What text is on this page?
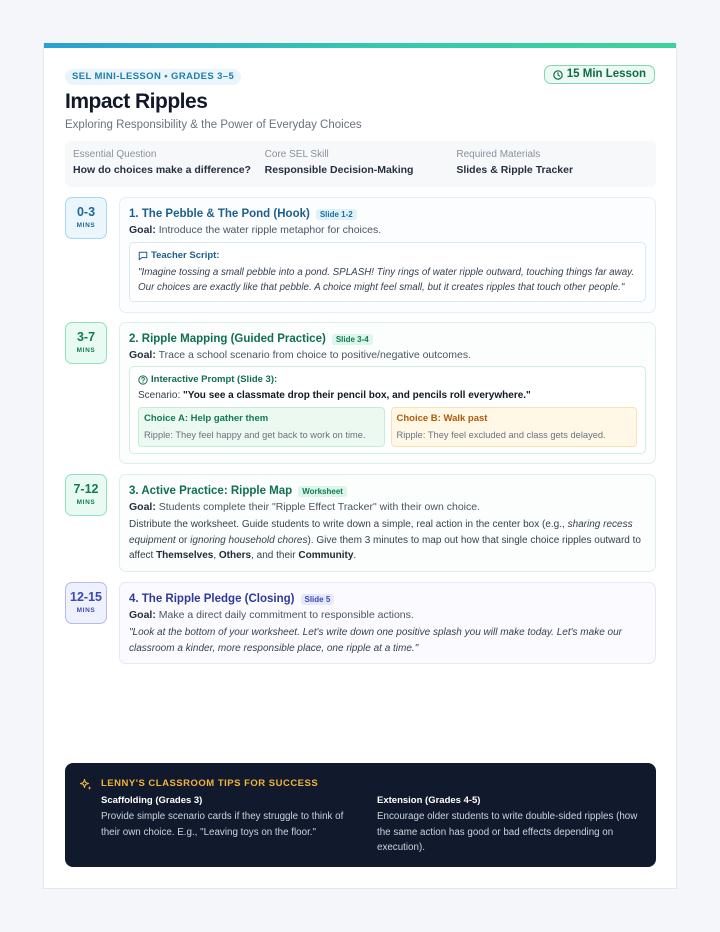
SEL MINI-LESSON • GRADES 3–5	15 Min Lesson
Impact Ripples
Exploring Responsibility & the Power of Everyday Choices
Essential Question
How do choices make a difference?
Core SEL Skill
Responsible Decision-Making
Required Materials
Slides & Ripple Tracker
0-3
MINS
1. The Pebble & The Pond (Hook)	Slide 1-2
Goal: Introduce the water ripple metaphor for choices.
Teacher Script:
"Imagine tossing a small pebble into a pond. SPLASH! Tiny rings of water ripple outward, touching things far away. Our choices are exactly like that pebble. A choice might feel small, but it creates ripples that touch other people."
3-7
MINS
2. Ripple Mapping (Guided Practice)	Slide 3-4
Goal: Trace a school scenario from choice to positive/negative outcomes.
Interactive Prompt (Slide 3):
Scenario: "You see a classmate drop their pencil box, and pencils roll everywhere."
Choice A: Help gather them
Ripple: They feel happy and get back to work on time.
Choice B: Walk past
Ripple: They feel excluded and class gets delayed.
7-12
MINS
3. Active Practice: Ripple Map	Worksheet
Goal: Students complete their "Ripple Effect Tracker" with their own choice.
Distribute the worksheet. Guide students to write down a simple, real action in the center box (e.g., sharing recess equipment or ignoring household chores). Give them 3 minutes to map out how that single choice ripples outward to affect Themselves, Others, and their Community.
12-15
MINS
4. The Ripple Pledge (Closing)	Slide 5
Goal: Make a direct daily commitment to responsible actions.
"Look at the bottom of your worksheet. Let's write down one positive splash you will make today. Let's make our classroom a kinder, more responsible place, one ripple at a time."
LENNY'S CLASSROOM TIPS FOR SUCCESS
Scaffolding (Grades 3)
Provide simple scenario cards if they struggle to think of their own choice. E.g., "Leaving toys on the floor."
Extension (Grades 4-5)
Encourage older students to write double-sided ripples (how the same action has good or bad effects depending on execution).
